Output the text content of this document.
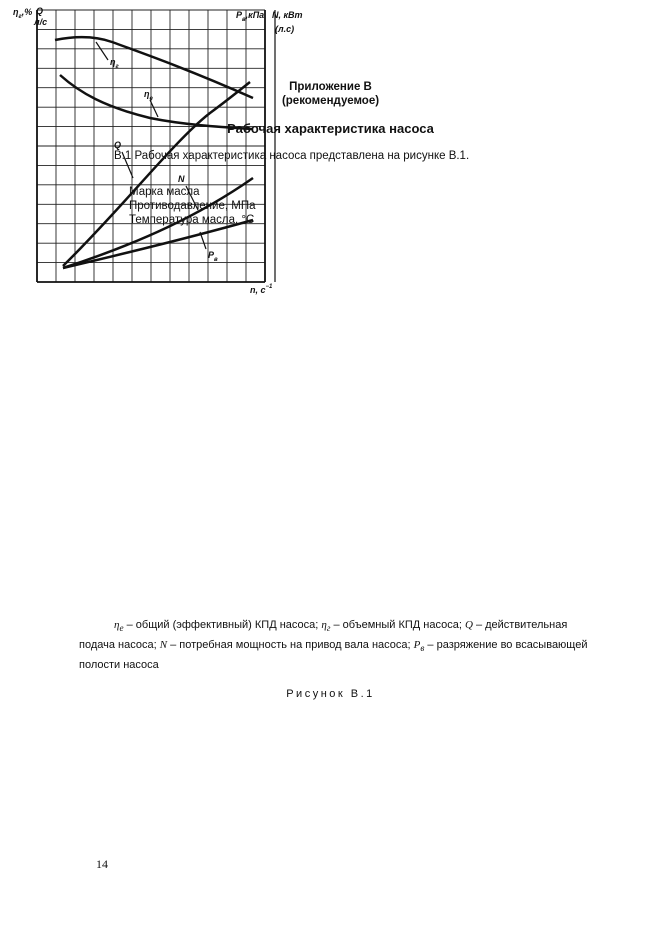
Приложение В
(рекомендуемое)
Рабочая характеристика насоса
В.1 Рабочая характеристика насоса представлена на рисунке В.1.
Марка масла
Противодавление, МПа
Температура масла, °С
$\eta_г,\%$ Q
л/с
$P_в,кПа$ N, кВт
(л.с)
n, $с^{-1}$
$\eta_г$
$\eta_е$
Q
N
$P_в$
$\eta_е$ – общий (эффективный) КПД насоса; $\eta_г$ – объемный КПД насоса; Q – действительная подача насоса; N – потребная мощность на привод вала насоса; $P_в$ – разряжение во всасывающей полости насоса
Рисунок В.1
14
